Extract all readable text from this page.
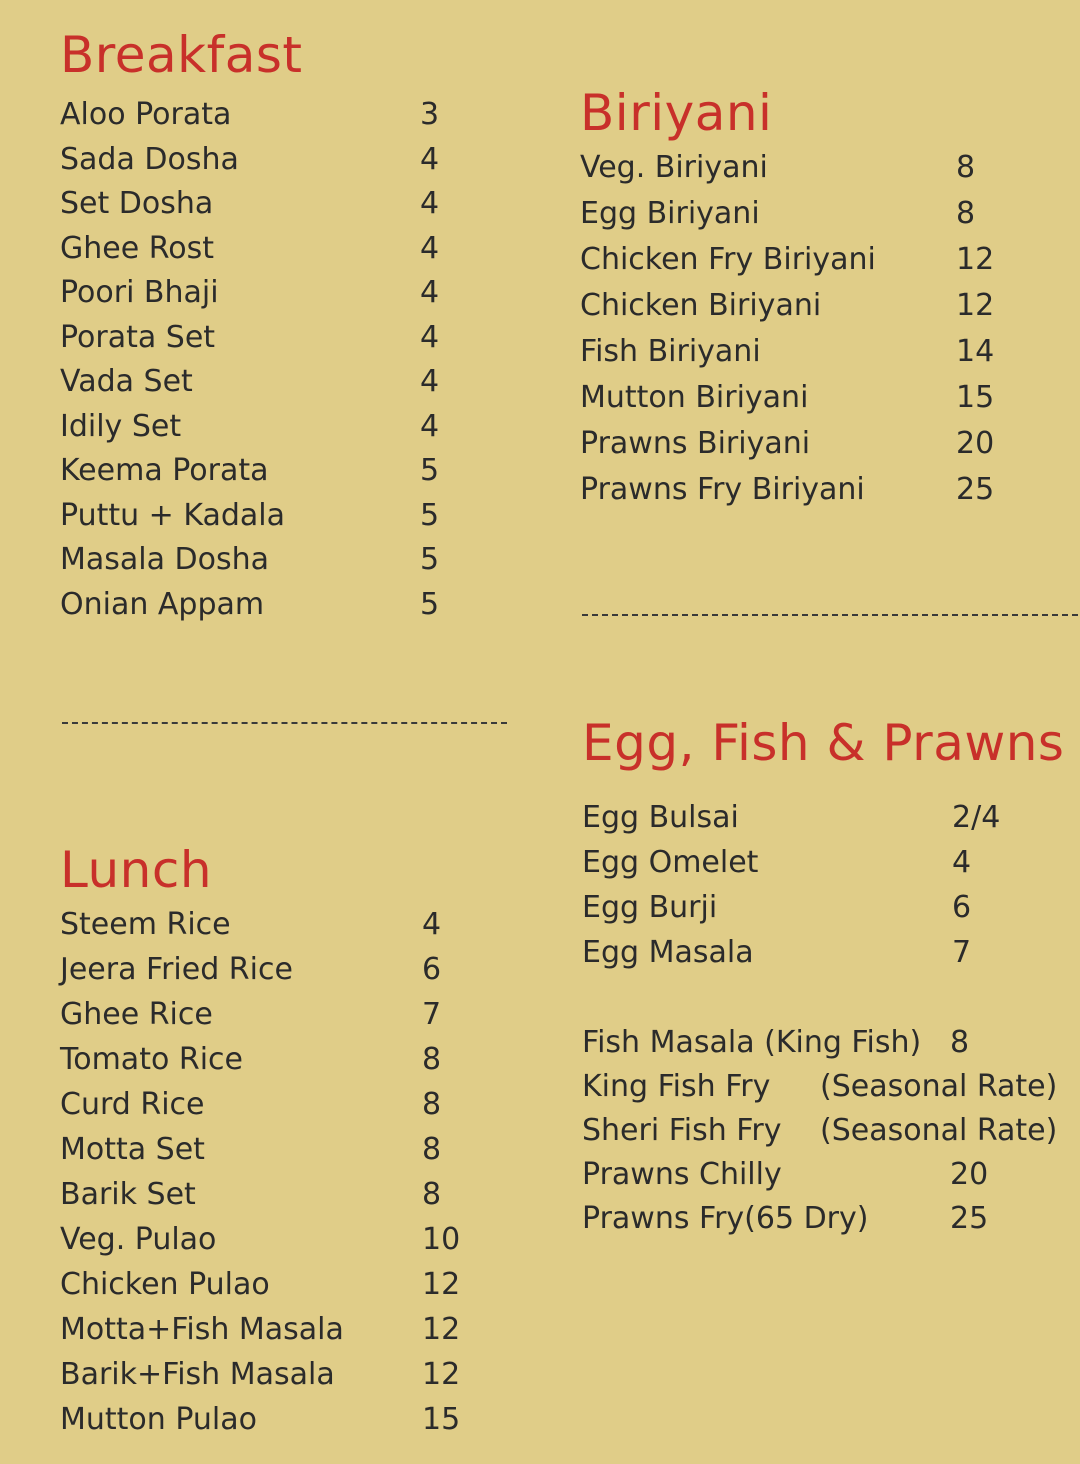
Breakfast
Aloo Porata	3
Sada Dosha	4
Set Dosha	4
Ghee Rost	4
Poori Bhaji	4
Porata Set	4
Vada Set	4
Idily Set	4
Keema Porata	5
Puttu + Kadala	5
Masala Dosha	5
Onian Appam	5
Lunch
Steem Rice	4
Jeera Fried Rice	6
Ghee Rice	7
Tomato Rice	8
Curd Rice	8
Motta Set	8
Barik Set	8
Veg. Pulao	10
Chicken Pulao	12
Motta+Fish Masala	12
Barik+Fish Masala	12
Mutton Pulao	15
Biriyani
Veg. Biriyani	8
Egg Biriyani	8
Chicken Fry Biriyani	12
Chicken Biriyani	12
Fish Biriyani	14
Mutton Biriyani	15
Prawns Biriyani	20
Prawns Fry Biriyani	25
Egg, Fish & Prawns
Egg Bulsai	2/4
Egg Omelet	4
Egg Burji	6
Egg Masala	7
Fish Masala (King Fish) 8
King Fish Fry (Seasonal Rate)
Sheri Fish Fry (Seasonal Rate)
Prawns Chilly	20
Prawns Fry(65 Dry)	25
